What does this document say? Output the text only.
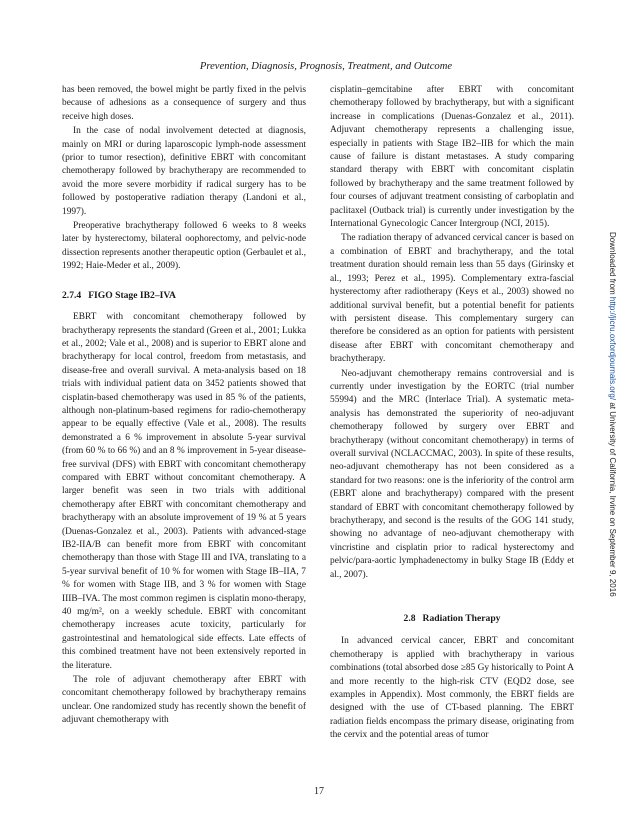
Prevention, Diagnosis, Prognosis, Treatment, and Outcome

has been removed, the bowel might be partly fixed in the pelvis because of adhesions as a consequence of surgery and thus receive high doses.

In the case of nodal involvement detected at diagnosis, mainly on MRI or during laparoscopic lymph-node assessment (prior to tumor resection), definitive EBRT with concomitant chemotherapy followed by brachytherapy are recommended to avoid the more severe morbidity if radical surgery has to be followed by postoperative radiation therapy (Landoni et al., 1997).

Preoperative brachytherapy followed 6 weeks to 8 weeks later by hysterectomy, bilateral oophorectomy, and pelvic-node dissection represents another therapeutic option (Gerbaulet et al., 1992; Haie-Meder et al., 2009).

2.7.4 FIGO Stage IB2–IVA

EBRT with concomitant chemotherapy followed by brachytherapy represents the standard (Green et al., 2001; Lukka et al., 2002; Vale et al., 2008) and is superior to EBRT alone and brachytherapy for local control, freedom from metastasis, and disease-free and overall survival. A meta-analysis based on 18 trials with individual patient data on 3452 patients showed that cisplatin-based chemotherapy was used in 85 % of the patients, although non-platinum-based regimens for radio-chemotherapy appear to be equally effective (Vale et al., 2008). The results demonstrated a 6 % improvement in absolute 5-year survival (from 60 % to 66 %) and an 8 % improvement in 5-year disease-free survival (DFS) with EBRT with concomitant chemotherapy compared with EBRT without concomitant chemotherapy. A larger benefit was seen in two trials with additional chemotherapy after EBRT with concomitant chemotherapy and brachytherapy with an absolute improvement of 19 % at 5 years (Duenas-Gonzalez et al., 2003). Patients with advanced-stage IB2-IIA/B can benefit more from EBRT with concomitant chemotherapy than those with Stage III and IVA, translating to a 5-year survival benefit of 10 % for women with Stage IB–IIA, 7 % for women with Stage IIB, and 3 % for women with Stage IIIB–IVA. The most common regimen is cisplatin mono-therapy, 40 mg/m², on a weekly schedule. EBRT with concomitant chemotherapy increases acute toxicity, particularly for gastrointestinal and hematological side effects. Late effects of this combined treatment have not been extensively reported in the literature.

The role of adjuvant chemotherapy after EBRT with concomitant chemotherapy followed by brachytherapy remains unclear. One randomized study has recently shown the benefit of adjuvant chemotherapy with

cisplatin–gemcitabine after EBRT with concomitant chemotherapy followed by brachytherapy, but with a significant increase in complications (Duenas-Gonzalez et al., 2011). Adjuvant chemotherapy represents a challenging issue, especially in patients with Stage IB2–IIB for which the main cause of failure is distant metastases. A study comparing standard therapy with EBRT with concomitant cisplatin followed by brachytherapy and the same treatment followed by four courses of adjuvant treatment consisting of carboplatin and paclitaxel (Outback trial) is currently under investigation by the International Gynecologic Cancer Intergroup (NCI, 2015).

The radiation therapy of advanced cervical cancer is based on a combination of EBRT and brachytherapy, and the total treatment duration should remain less than 55 days (Girinsky et al., 1993; Perez et al., 1995). Complementary extra-fascial hysterectomy after radiotherapy (Keys et al., 2003) showed no additional survival benefit, but a potential benefit for patients with persistent disease. This complementary surgery can therefore be considered as an option for patients with persistent disease after EBRT with concomitant chemotherapy and brachytherapy.

Neo-adjuvant chemotherapy remains controversial and is currently under investigation by the EORTC (trial number 55994) and the MRC (Interlace Trial). A systematic meta-analysis has demonstrated the superiority of neo-adjuvant chemotherapy followed by surgery over EBRT and brachytherapy (without concomitant chemotherapy) in terms of overall survival (NCLACCMAC, 2003). In spite of these results, neo-adjuvant chemotherapy has not been considered as a standard for two reasons: one is the inferiority of the control arm (EBRT alone and brachytherapy) compared with the present standard of EBRT with concomitant chemotherapy followed by brachytherapy, and second is the results of the GOG 141 study, showing no advantage of neo-adjuvant chemotherapy with vincristine and cisplatin prior to radical hysterectomy and pelvic/para-aortic lymphadenectomy in bulky Stage IB (Eddy et al., 2007).

2.8 Radiation Therapy

In advanced cervical cancer, EBRT and concomitant chemotherapy is applied with brachytherapy in various combinations (total absorbed dose ≥85 Gy historically to Point A and more recently to the high-risk CTV (EQD2 dose, see examples in Appendix). Most commonly, the EBRT fields are designed with the use of CT-based planning. The EBRT radiation fields encompass the primary disease, originating from the cervix and the potential areas of tumor

17
Downloaded from http://jicru.oxfordjournals.org/ at University of California, Irvine on September 9, 2016
